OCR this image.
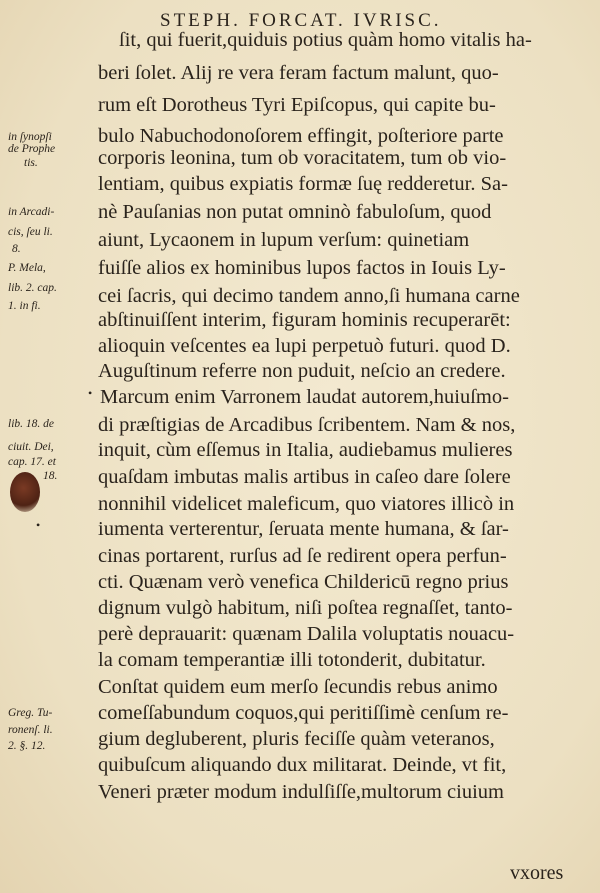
STEPH. FORCAT. IVRISC.
ſit, qui fuerit,quiduis potius quàm homo vitalis ha-
beri ſolet. Alij re vera feram factum malunt, quo-
rum eſt Dorotheus Tyri Epiſcopus, qui capite bu-
bulo Nabuchodonoſorem effingit, poſteriore parte
corporis leonina, tum ob voracitatem, tum ob vio-
lentiam, quibus expiatis formæ ſuę redderetur. Sa-
nè Pauſanias non putat omninò fabuloſum, quod
aiunt, Lycaonem in lupum verſum: quinetiam
fuiſſe alios ex hominibus lupos factos in Iouis Ly-
cei ſacris, qui decimo tandem anno,ſi humana carne
abſtinuiſſent interim, figuram hominis recuperarēt:
alioquin veſcentes ea lupi perpetuò futuri. quod D.
Auguſtinum referre non puduit, neſcio an credere.
Marcum enim Varronem laudat autorem,huiuſmo-
di præſtigias de Arcadibus ſcribentem. Nam & nos,
inquit, cùm eſſemus in Italia, audiebamus mulieres
quaſdam imbutas malis artibus in caſeo dare ſolere
nonnihil videlicet maleficum, quo viatores illicò in
iumenta verterentur, ſeruata mente humana, & ſar-
cinas portarent, rurſus ad ſe redirent opera perfun-
cti. Quænam verò venefica Childericū regno prius
dignum vulgò habitum, niſi poſtea regnaſſet, tanto-
perè deprauarit: quænam Dalila voluptatis nouacu-
la comam temperantiæ illi totonderit, dubitatur.
Conſtat quidem eum merſo ſecundis rebus animo
comeſſabundum coquos,qui peritiſſimè cenſum re-
gium degluberent, pluris feciſſe quàm veteranos,
quibuſcum aliquando dux militarat. Deinde, vt fit,
Veneri præter modum indulſiſſe,multorum ciuium
vxores
in ſynopſi
de Prophe
tis.
in Arcadi-
cis, ſeu li.
8.
P. Mela,
lib. 2. cap.
1. in fi.
lib. 18. de
ciuit. Dei,
cap. 17. et
18.
Greg. Tu-
ronenſ. li.
2. §. 12.
•
•
